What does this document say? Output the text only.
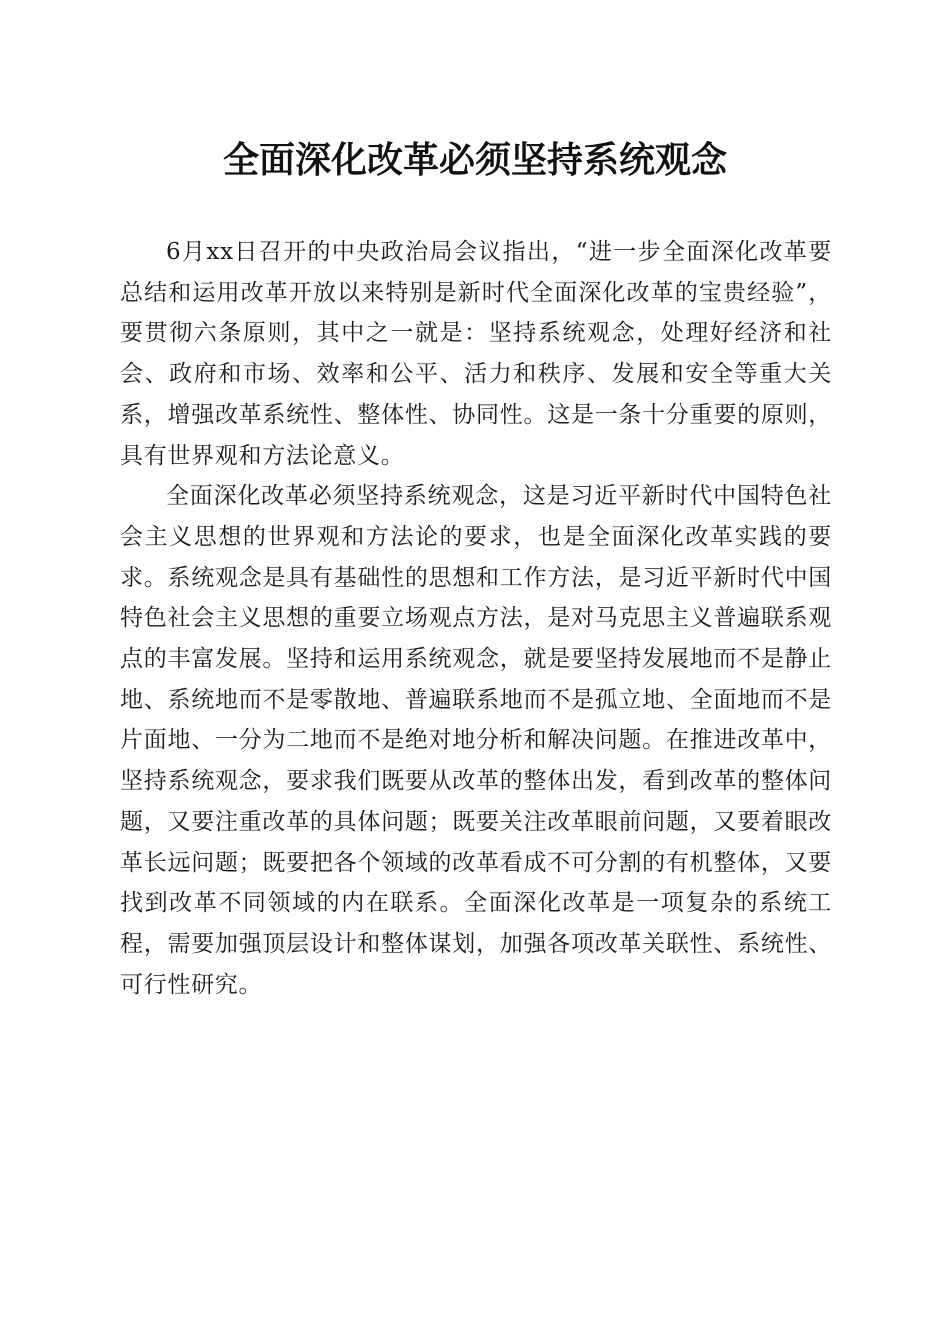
全面深化改革必须坚持系统观念

6月xx日召开的中央政治局会议指出，“进一步全面深化改革要总结和运用改革开放以来特别是新时代全面深化改革的宝贵经验”，要贯彻六条原则，其中之一就是：坚持系统观念，处理好经济和社会、政府和市场、效率和公平、活力和秩序、发展和安全等重大关系，增强改革系统性、整体性、协同性。这是一条十分重要的原则，具有世界观和方法论意义。

全面深化改革必须坚持系统观念，这是习近平新时代中国特色社会主义思想的世界观和方法论的要求，也是全面深化改革实践的要求。系统观念是具有基础性的思想和工作方法，是习近平新时代中国特色社会主义思想的重要立场观点方法，是对马克思主义普遍联系观点的丰富发展。坚持和运用系统观念，就是要坚持发展地而不是静止地、系统地而不是零散地、普遍联系地而不是孤立地、全面地而不是片面地、一分为二地而不是绝对地分析和解决问题。在推进改革中，坚持系统观念，要求我们既要从改革的整体出发，看到改革的整体问题，又要注重改革的具体问题；既要关注改革眼前问题，又要着眼改革长远问题；既要把各个领域的改革看成不可分割的有机整体，又要找到改革不同领域的内在联系。全面深化改革是一项复杂的系统工程，需要加强顶层设计和整体谋划，加强各项改革关联性、系统性、可行性研究。
